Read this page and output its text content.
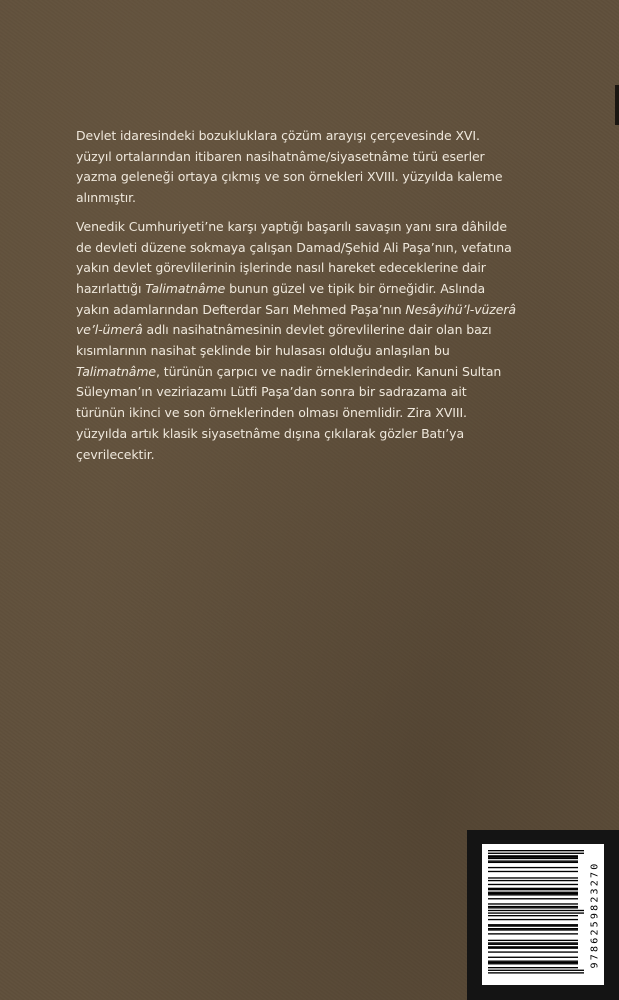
Devlet idaresindeki bozukluklara çözüm arayışı çerçevesinde XVI. yüzyıl ortalarından itibaren nasihatnâme/siyasetnâme türü eserler yazma geleneği ortaya çıkmış ve son örnekleri XVIII. yüzyılda kaleme alınmıştır.

Venedik Cumhuriyeti’ne karşı yaptığı başarılı savaşın yanı sıra dâhilde de devleti düzene sokmaya çalışan Damad/Şehid Ali Paşa’nın, vefatına yakın devlet görevlilerinin işlerinde nasıl hareket edeceklerine dair hazırlattığı Talimatnâme bunun güzel ve tipik bir örneğidir. Aslında yakın adamlarından Defterdar Sarı Mehmed Paşa’nın Nesâyihü’l-vüzerâ ve’l-ümerâ adlı nasihatnâmesinin devlet görevlilerine dair olan bazı kısımlarının nasihat şeklinde bir hulasası olduğu anlaşılan bu Talimatnâme, türünün çarpıcı ve nadir örneklerindedir. Kanuni Sultan Süleyman’ın veziriazamı Lütfi Paşa’dan sonra bir sadrazama ait türünün ikinci ve son örneklerinden olması önemlidir. Zira XVIII. yüzyılda artık klasik siyasetnâme dışına çıkılarak gözler Batı’ya çevrilecektir.

9786259823270
